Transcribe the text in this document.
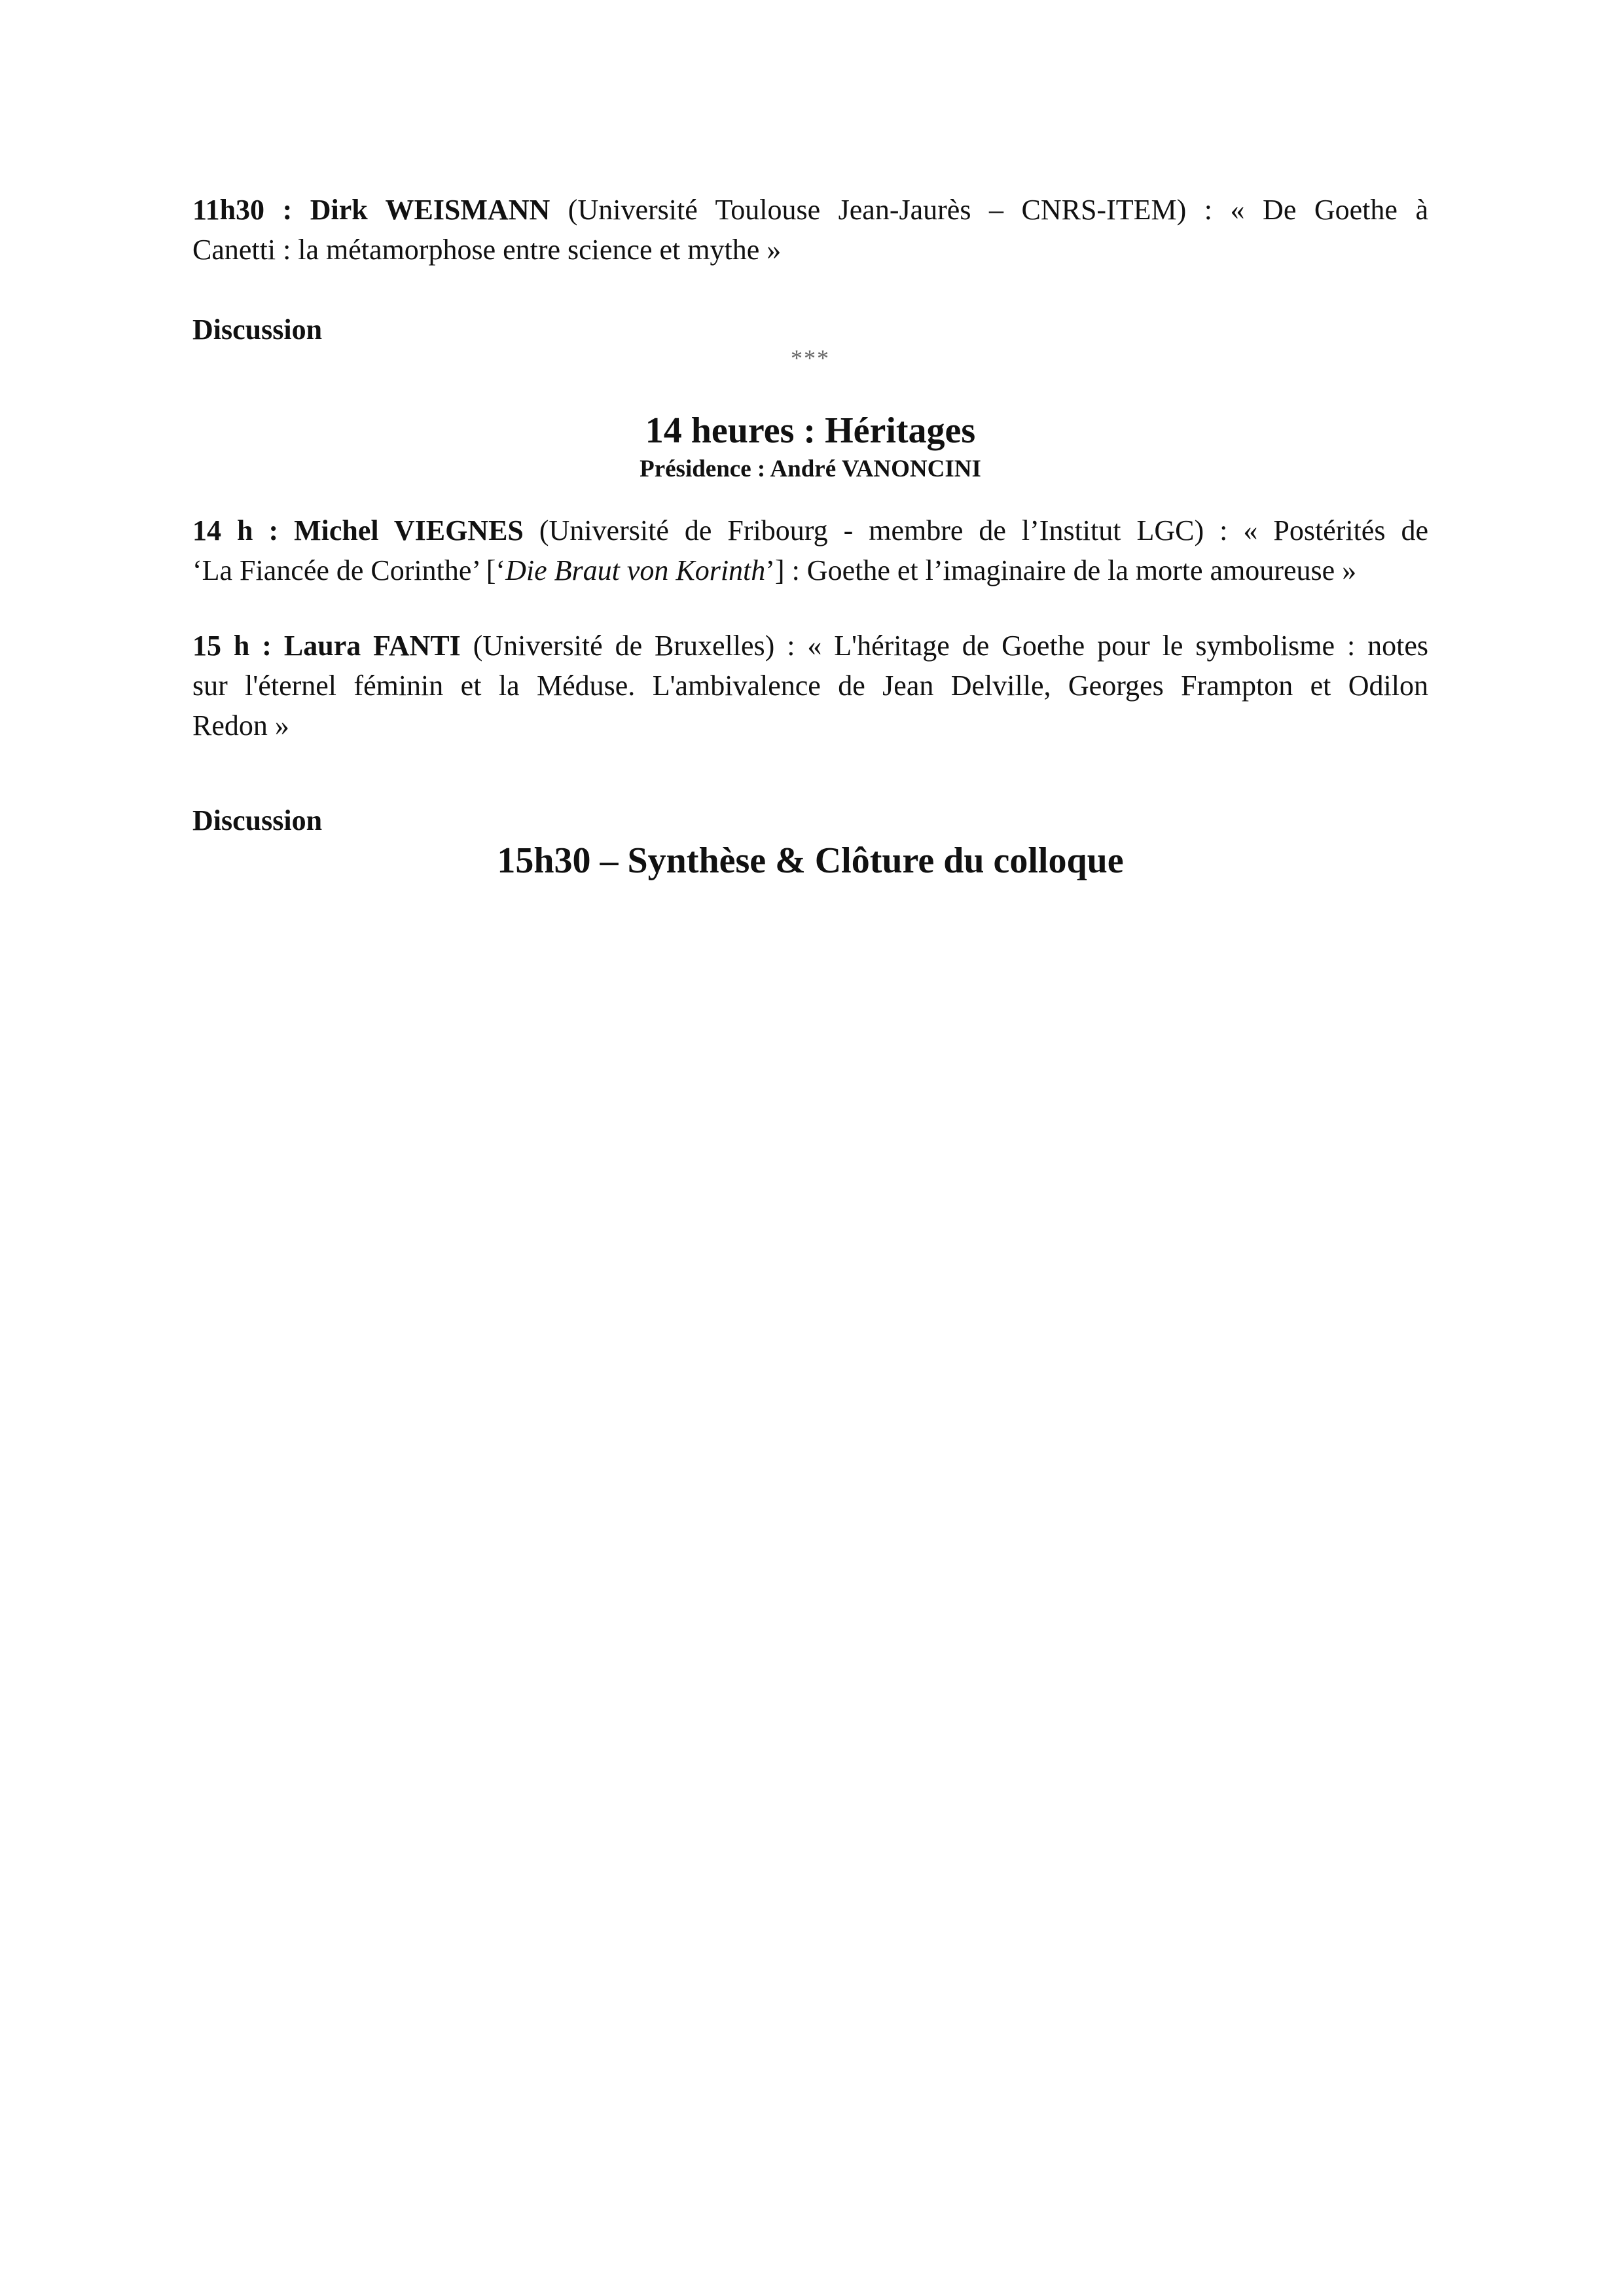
11h30 : Dirk WEISMANN (Université Toulouse Jean-Jaurès – CNRS-ITEM) : « De Goethe à

Canetti : la métamorphose entre science et mythe »

Discussion
***
14 heures : Héritages
Présidence : André VANONCINI

14 h : Michel VIEGNES (Université de Fribourg - membre de l’Institut LGC) : « Postérités de

‘La Fiancée de Corinthe’ [‘Die Braut von Korinth’] : Goethe et l’imaginaire de la morte amoureuse »

15 h : Laura FANTI (Université de Bruxelles) : « L'héritage de Goethe pour le symbolisme : notes

sur l'éternel féminin et la Méduse. L'ambivalence de Jean Delville, Georges Frampton et Odilon

Redon »

Discussion
15h30 – Synthèse & Clôture du colloque
